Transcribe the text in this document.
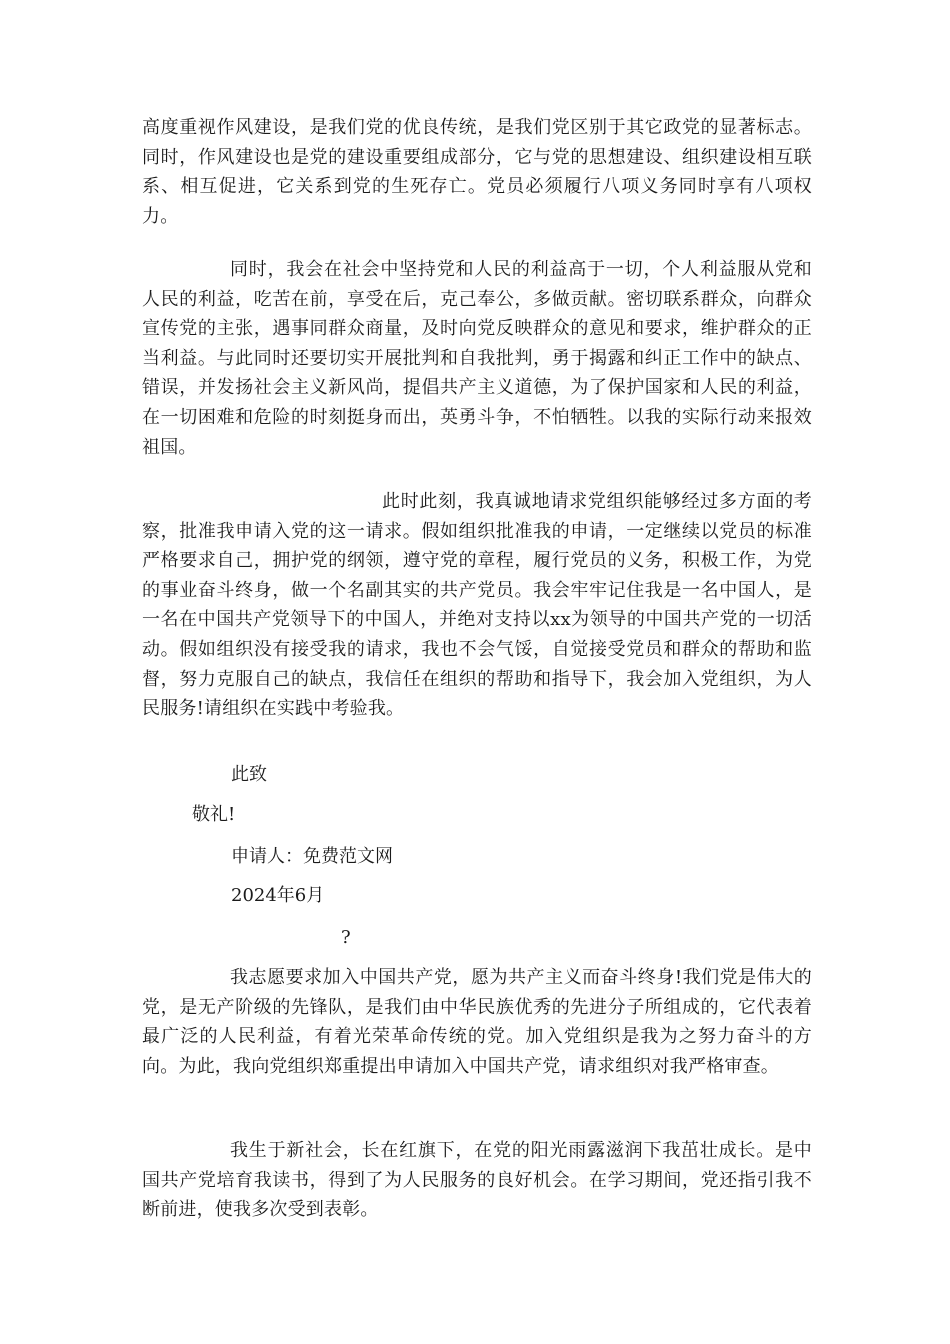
高度重视作风建设，是我们党的优良传统，是我们党区别于其它政党的显著标志。同时，作风建设也是党的建设重要组成部分，它与党的思想建设、组织建设相互联系、相互促进，它关系到党的生死存亡。党员必须履行八项义务同时享有八项权力。

同时，我会在社会中坚持党和人民的利益高于一切，个人利益服从党和人民的利益，吃苦在前，享受在后，克己奉公，多做贡献。密切联系群众，向群众宣传党的主张，遇事同群众商量，及时向党反映群众的意见和要求，维护群众的正当利益。与此同时还要切实开展批判和自我批判，勇于揭露和纠正工作中的缺点、错误，并发扬社会主义新风尚，提倡共产主义道德，为了保护国家和人民的利益，在一切困难和危险的时刻挺身而出，英勇斗争，不怕牺牲。以我的实际行动来报效祖国。

此时此刻，我真诚地请求党组织能够经过多方面的考察，批准我申请入党的这一请求。假如组织批准我的申请，一定继续以党员的标准严格要求自己，拥护党的纲领，遵守党的章程，履行党员的义务，积极工作，为党的事业奋斗终身，做一个名副其实的共产党员。我会牢牢记住我是一名中国人，是一名在中国共产党领导下的中国人，并绝对支持以xx为领导的中国共产党的一切活动。假如组织没有接受我的请求，我也不会气馁，自觉接受党员和群众的帮助和监督，努力克服自己的缺点，我信任在组织的帮助和指导下，我会加入党组织，为人民服务!请组织在实践中考验我。

此致

敬礼!

申请人：免费范文网

2024年6月

?

我志愿要求加入中国共产党，愿为共产主义而奋斗终身!我们党是伟大的党，是无产阶级的先锋队，是我们由中华民族优秀的先进分子所组成的，它代表着最广泛的人民利益，有着光荣革命传统的党。加入党组织是我为之努力奋斗的方向。为此，我向党组织郑重提出申请加入中国共产党，请求组织对我严格审查。

我生于新社会，长在红旗下，在党的阳光雨露滋润下我茁壮成长。是中国共产党培育我读书，得到了为人民服务的良好机会。在学习期间，党还指引我不断前进，使我多次受到表彰。
